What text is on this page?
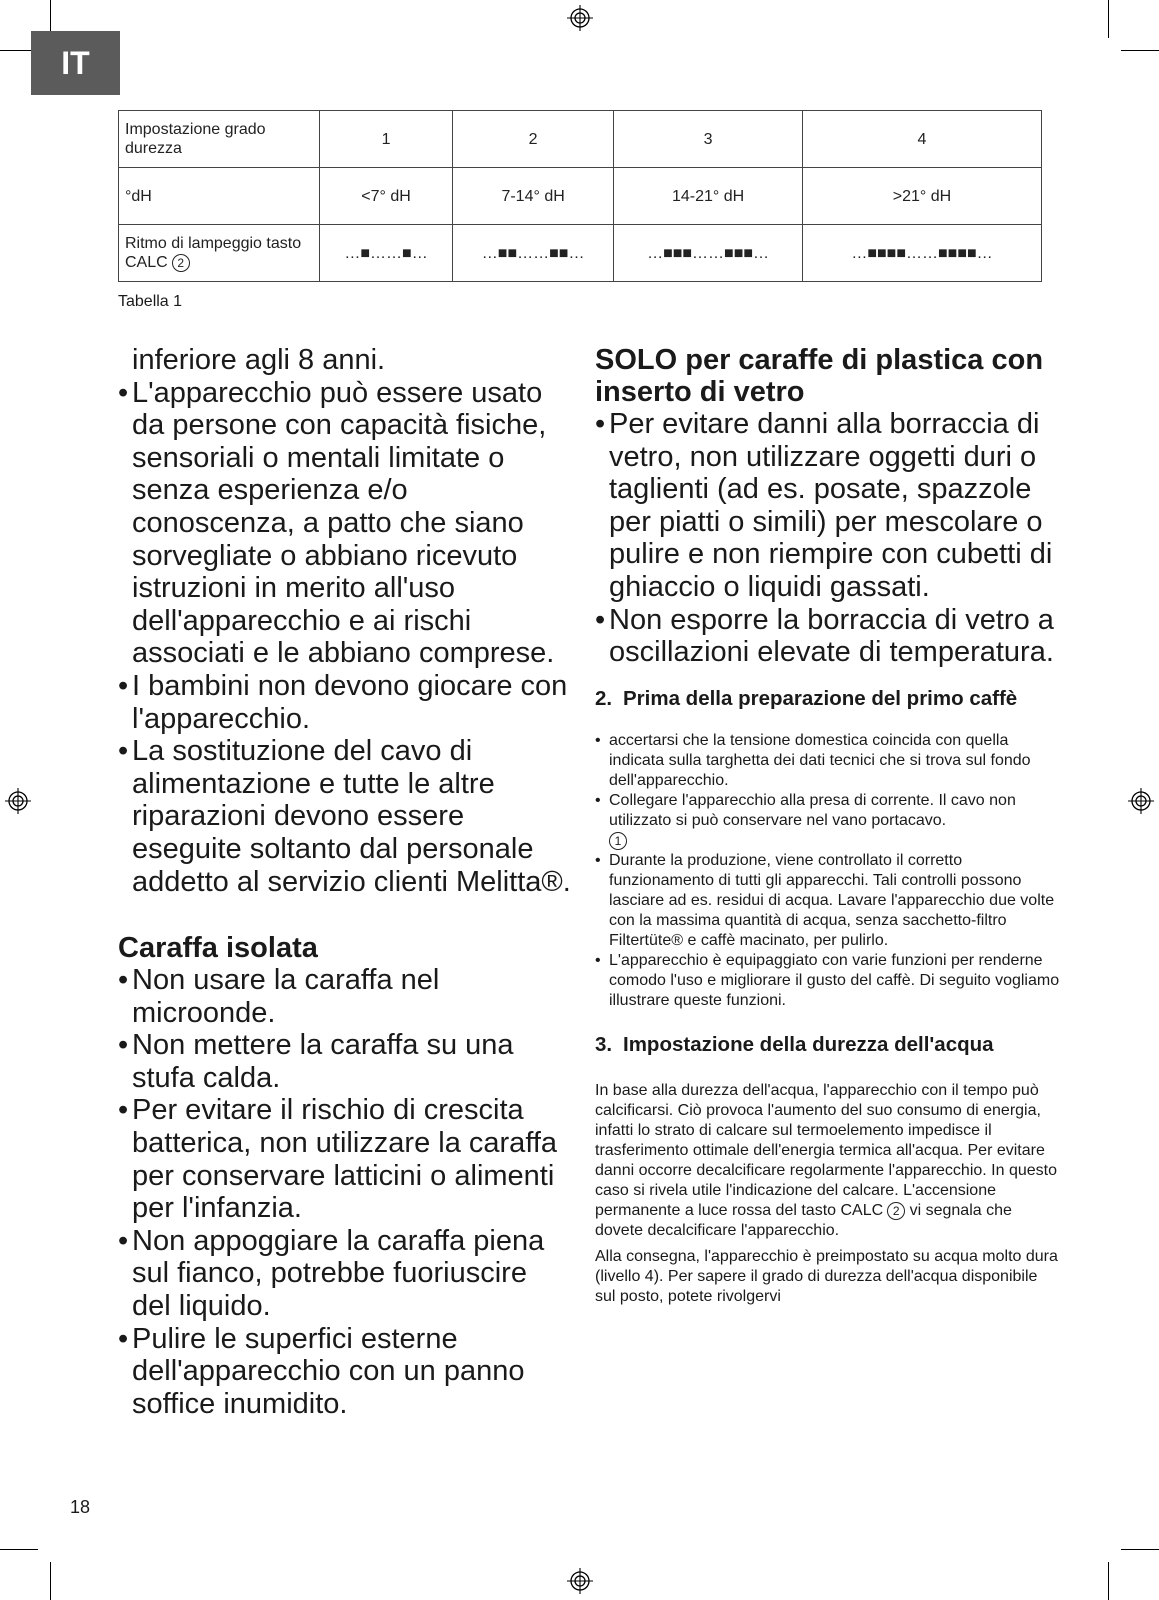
IT
Impostazione grado durezza	1	2	3	4
°dH	<7° dH	7-14° dH	14-21° dH	>21° dH
Ritmo di lampeggio tasto CALC 2	…■……■…	…■■……■■…	…■■■……■■■…	…■■■■……■■■■…
Tabella 1
inferiore agli 8 anni.
• L'apparecchio può essere usato da persone con capacità fisiche, sensoriali o mentali limitate o senza esperienza e/o conoscenza, a patto che siano sorvegliate o abbiano ricevuto istruzioni in merito all'uso dell'apparecchio e ai rischi associati e le abbiano comprese.
• I bambini non devono giocare con l'apparecchio.
• La sostituzione del cavo di alimentazione e tutte le altre riparazioni devono essere eseguite soltanto dal personale addetto al servizio clienti Melitta®.
Caraffa isolata
• Non usare la caraffa nel microonde.
• Non mettere la caraffa su una stufa calda.
• Per evitare il rischio di crescita batterica, non utilizzare la caraffa per conservare latticini o alimenti per l'infanzia.
• Non appoggiare la caraffa piena sul fianco, potrebbe fuoriuscire del liquido.
• Pulire le superfici esterne dell'apparecchio con un panno soffice inumidito.
SOLO per caraffe di plastica con inserto di vetro
• Per evitare danni alla borraccia di vetro, non utilizzare oggetti duri o taglienti (ad es. posate, spazzole per piatti o simili) per mescolare o pulire e non riempire con cubetti di ghiaccio o liquidi gassati.
• Non esporre la borraccia di vetro a oscillazioni elevate di temperatura.
2. Prima della preparazione del primo caffè
• accertarsi che la tensione domestica coincida con quella indicata sulla targhetta dei dati tecnici che si trova sul fondo dell'apparecchio.
• Collegare l'apparecchio alla presa di corrente. Il cavo non utilizzato si può conservare nel vano portacavo.
1
• Durante la produzione, viene controllato il corretto funzionamento di tutti gli apparecchi. Tali controlli possono lasciare ad es. residui di acqua. Lavare l'apparecchio due volte con la massima quantità di acqua, senza sacchetto-filtro Filtertüte® e caffè macinato, per pulirlo.
• L'apparecchio è equipaggiato con varie funzioni per renderne comodo l'uso e migliorare il gusto del caffè. Di seguito vogliamo illustrare queste funzioni.
3. Impostazione della durezza dell'acqua

In base alla durezza dell'acqua, l'apparecchio con il tempo può calcificarsi. Ciò provoca l'aumento del suo consumo di energia, infatti lo strato di calcare sul termoelemento impedisce il trasferimento ottimale dell'energia termica all'acqua. Per evitare danni occorre decalcificare regolarmente l'apparecchio. In questo caso si rivela utile l'indicazione del calcare. L'accensione permanente a luce rossa del tasto CALC 2 vi segnala che dovete decalcificare l'apparecchio.

Alla consegna, l'apparecchio è preimpostato su acqua molto dura (livello 4). Per sapere il grado di durezza dell'acqua disponibile sul posto, potete rivolgervi

18
